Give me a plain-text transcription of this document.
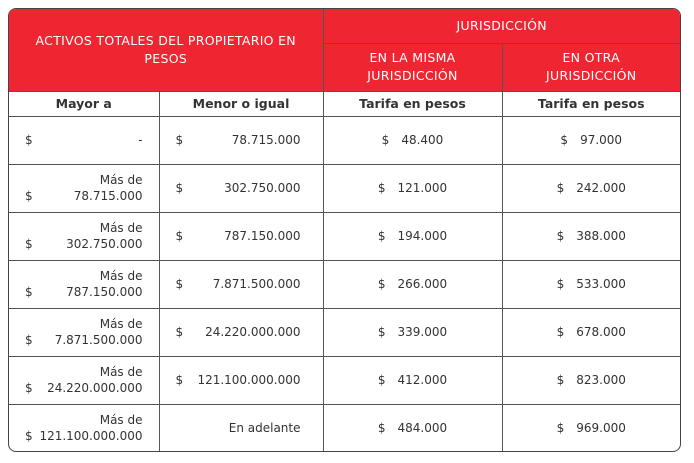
ACTIVOS TOTALES DEL PROPIETARIO EN PESOS		JURISDICCIÓN	
		EN LA MISMA JURISDICCIÓN	EN OTRA JURISDICCIÓN
Mayor a	Menor o igual	Tarifa en pesos	Tarifa en pesos

$ -	$ 78.715.000	$ 48.400	$ 97.000

Más de
$ 78.715.000	$ 302.750.000	$ 121.000	$ 242.000

Más de
$ 302.750.000	$ 787.150.000	$ 194.000	$ 388.000

Más de
$ 787.150.000	$ 7.871.500.000	$ 266.000	$ 533.000

Más de
$ 7.871.500.000	$ 24.220.000.000	$ 339.000	$ 678.000

Más de
$ 24.220.000.000	$ 121.100.000.000	$ 412.000	$ 823.000

Más de
$ 121.100.000.000	En adelante	$ 484.000	$ 969.000
